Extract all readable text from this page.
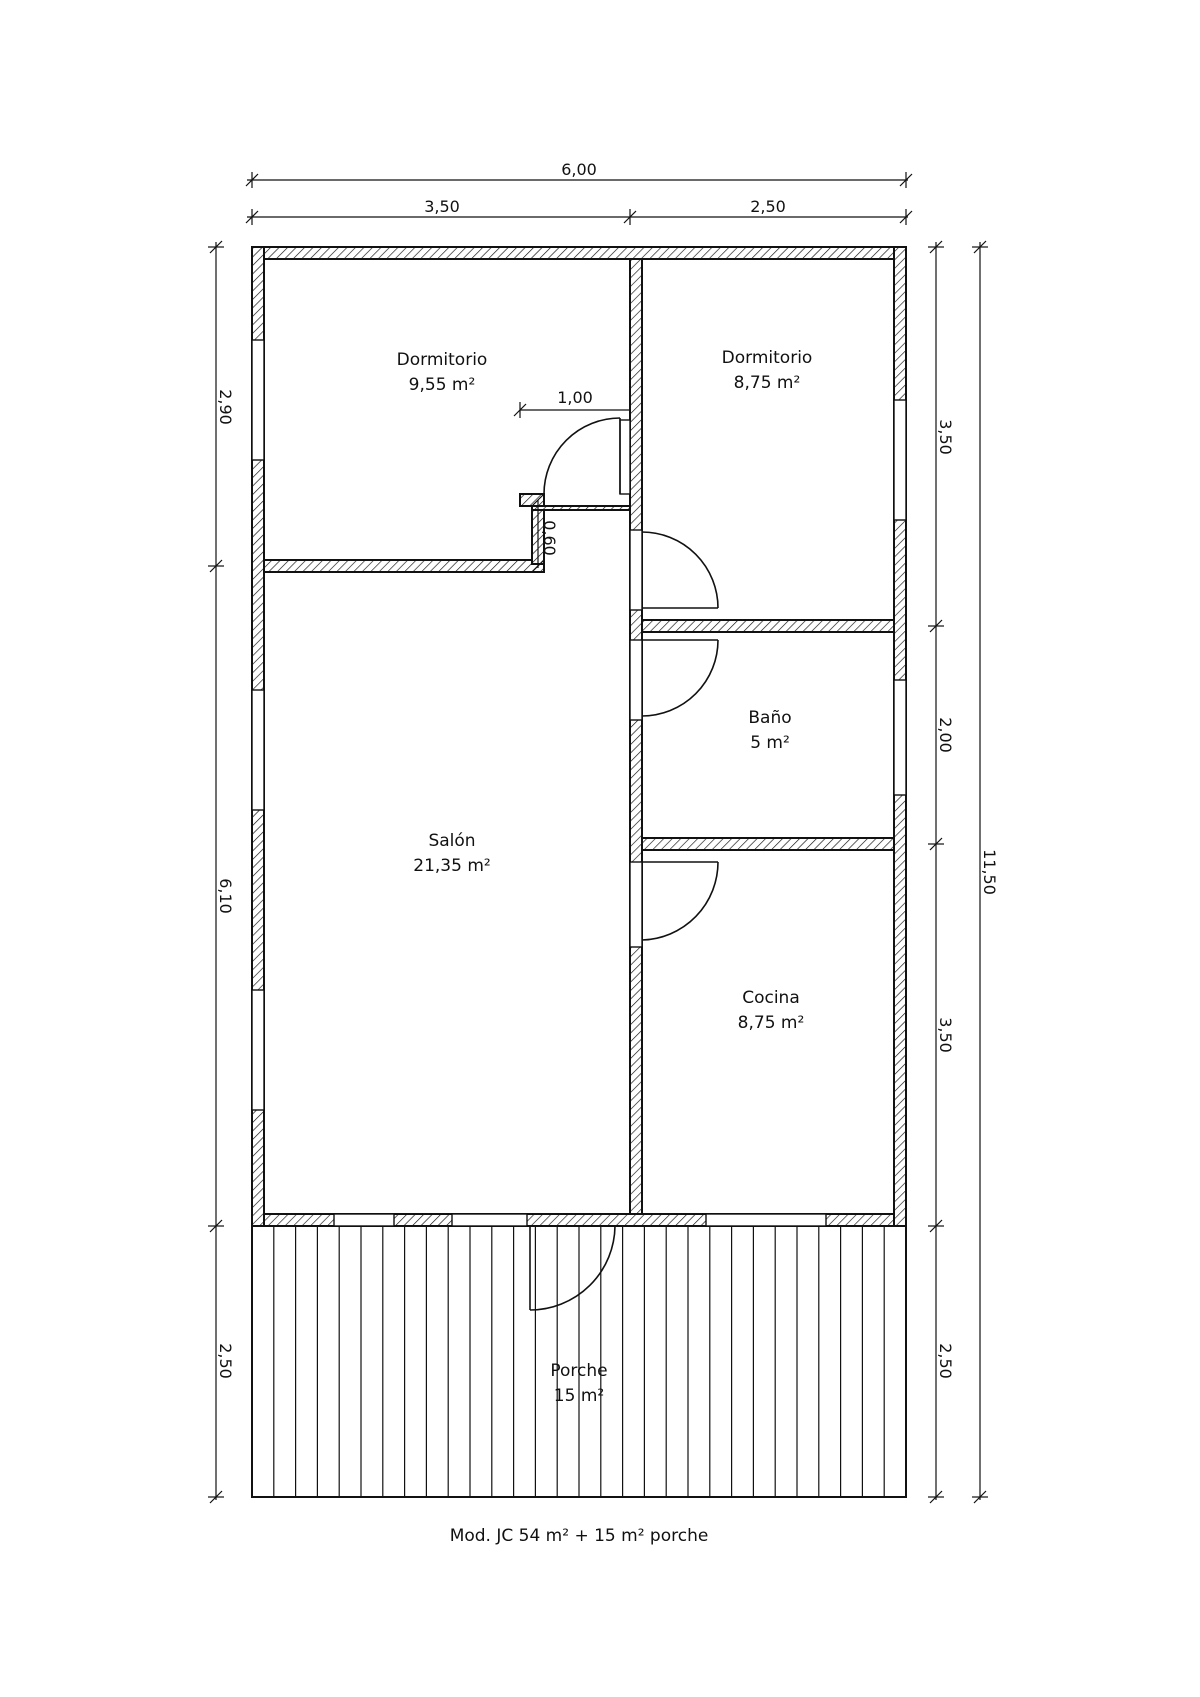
Dormitorio
9,55 m²
Dormitorio
8,75 m²
Baño
5 m²
Salón
21,35 m²
Cocina
8,75 m²
Porche
15 m²
6,00
3,50	2,50
2,90
6,10
2,50
3,50
2,00
3,50
2,50
11,50
1,00
0,60
Mod. JC 54 m² + 15 m² porche
